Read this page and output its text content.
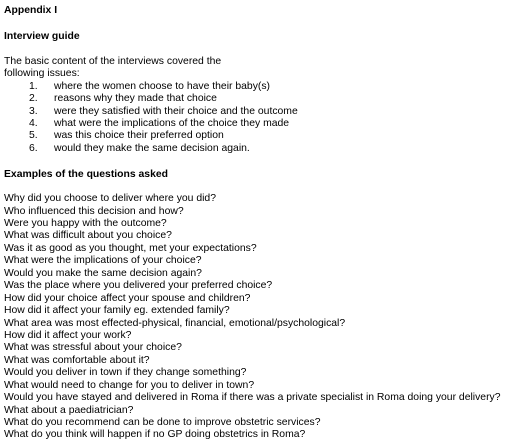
Appendix I
Interview guide
The basic content of the interviews covered the
following issues:
1.	where the women choose to have their baby(s)
2.	reasons why they made that choice
3.	were they satisfied with their choice and the outcome
4.	what were the implications of the choice they made
5.	was this choice their preferred option
6.	would they make the same decision again.
Examples of the questions asked
Why did you choose to deliver where you did?
Who influenced this decision and how?
Were you happy with the outcome?
What was difficult about you choice?
Was it as good as you thought, met your expectations?
What were the implications of your choice?
Would you make the same decision again?
Was the place where you delivered your preferred choice?
How did your choice affect your spouse and children?
How did it affect your family eg. extended family?
What area was most effected-physical, financial, emotional/psychological?
How did it affect your work?
What was stressful about your choice?
What was comfortable about it?
Would you deliver in town if they change something?
What would need to change for you to deliver in town?
Would you have stayed and delivered in Roma if there was a private specialist in Roma doing your delivery?
What about a paediatrician?
What do you recommend can be done to improve obstetric services?
What do you think will happen if no GP doing obstetrics in Roma?
